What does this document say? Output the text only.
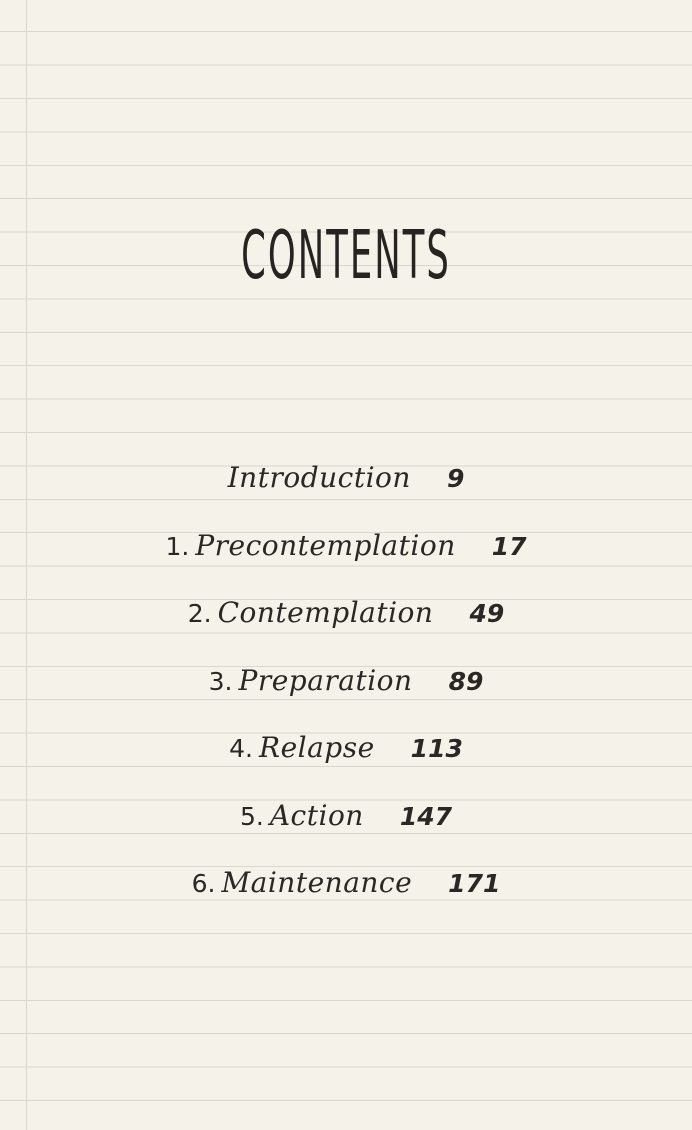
CONTENTS
Introduction 9
1. Precontemplation 17
2. Contemplation 49
3. Preparation 89
4. Relapse 113
5. Action 147
6. Maintenance 171
